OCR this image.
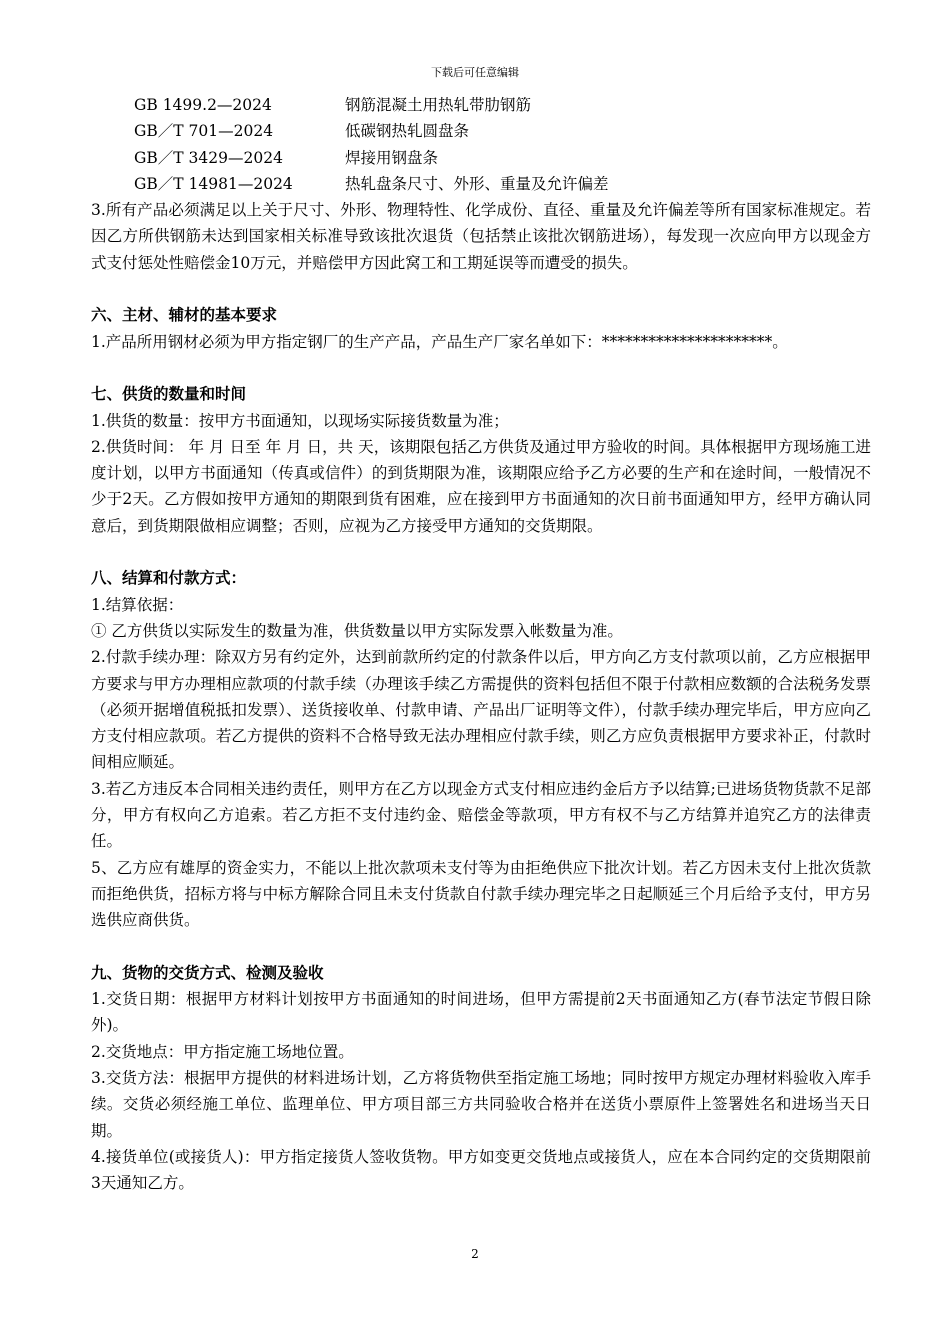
下载后可任意编辑
GB 1499.2—2024	钢筋混凝土用热轧带肋钢筋
GB／T 701—2024	低碳钢热轧圆盘条
GB／T 3429—2024	焊接用钢盘条
GB／T 14981—2024	热轧盘条尺寸、外形、重量及允许偏差

3.所有产品必须满足以上关于尺寸、外形、物理特性、化学成份、直径、重量及允许偏差等所有国家标准规定。若因乙方所供钢筋未达到国家相关标准导致该批次退货（包括禁止该批次钢筋进场），每发现一次应向甲方以现金方式支付惩处性赔偿金10万元，并赔偿甲方因此窝工和工期延误等而遭受的损失。

六、主材、辅材的基本要求

1.产品所用钢材必须为甲方指定钢厂的生产产品，产品生产厂家名单如下：**********************。

七、供货的数量和时间

1.供货的数量：按甲方书面通知，以现场实际接货数量为准；

2.供货时间： 年 月 日至 年 月 日，共 天，该期限包括乙方供货及通过甲方验收的时间。具体根据甲方现场施工进度计划，以甲方书面通知（传真或信件）的到货期限为准，该期限应给予乙方必要的生产和在途时间，一般情况不少于2天。乙方假如按甲方通知的期限到货有困难，应在接到甲方书面通知的次日前书面通知甲方，经甲方确认同意后，到货期限做相应调整；否则，应视为乙方接受甲方通知的交货期限。

八、结算和付款方式：

1.结算依据：

① 乙方供货以实际发生的数量为准，供货数量以甲方实际发票入帐数量为准。

2.付款手续办理：除双方另有约定外，达到前款所约定的付款条件以后，甲方向乙方支付款项以前，乙方应根据甲方要求与甲方办理相应款项的付款手续（办理该手续乙方需提供的资料包括但不限于付款相应数额的合法税务发票（必须开据增值税抵扣发票）、送货接收单、付款申请、产品出厂证明等文件），付款手续办理完毕后，甲方应向乙方支付相应款项。若乙方提供的资料不合格导致无法办理相应付款手续，则乙方应负责根据甲方要求补正，付款时间相应顺延。

3.若乙方违反本合同相关违约责任，则甲方在乙方以现金方式支付相应违约金后方予以结算;已进场货物货款不足部分，甲方有权向乙方追索。若乙方拒不支付违约金、赔偿金等款项，甲方有权不与乙方结算并追究乙方的法律责任。

5、乙方应有雄厚的资金实力，不能以上批次款项未支付等为由拒绝供应下批次计划。若乙方因未支付上批次货款而拒绝供货，招标方将与中标方解除合同且未支付货款自付款手续办理完毕之日起顺延三个月后给予支付，甲方另选供应商供货。

九、货物的交货方式、检测及验收

1.交货日期：根据甲方材料计划按甲方书面通知的时间进场，但甲方需提前2天书面通知乙方(春节法定节假日除外)。

2.交货地点：甲方指定施工场地位置。

3.交货方法：根据甲方提供的材料进场计划，乙方将货物供至指定施工场地；同时按甲方规定办理材料验收入库手续。交货必须经施工单位、监理单位、甲方项目部三方共同验收合格并在送货小票原件上签署姓名和进场当天日期。

4.接货单位(或接货人)：甲方指定接货人签收货物。甲方如变更交货地点或接货人，应在本合同约定的交货期限前3天通知乙方。

2
